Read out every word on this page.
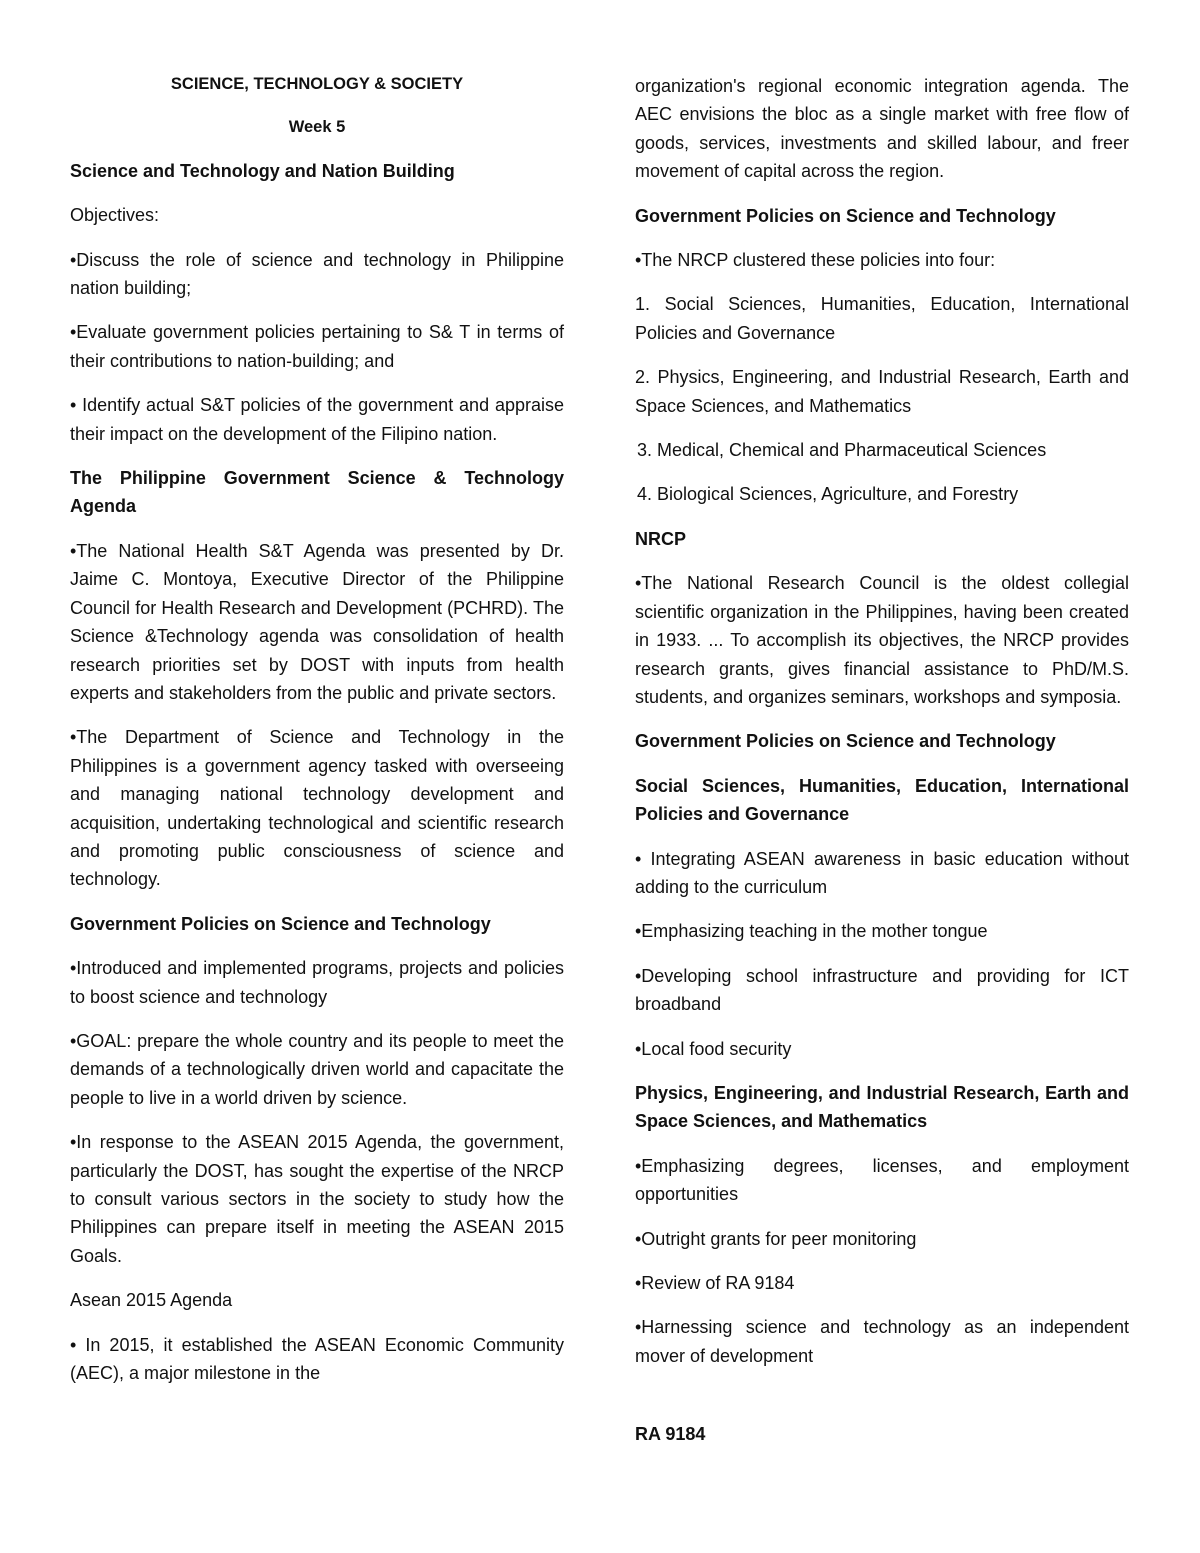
SCIENCE, TECHNOLOGY & SOCIETY

Week 5

Science and Technology and Nation Building

Objectives:

•Discuss the role of science and technology in Philippine nation building;

•Evaluate government policies pertaining to S& T in terms of their contributions to nation-building; and

• Identify actual S&T policies of the government and appraise their impact on the development of the Filipino nation.

The Philippine Government Science & Technology Agenda

•The National Health S&T Agenda was presented by Dr. Jaime C. Montoya, Executive Director of the Philippine Council for Health Research and Development (PCHRD). The Science &Technology agenda was consolidation of health research priorities set by DOST with inputs from health experts and stakeholders from the public and private sectors.

•The Department of Science and Technology in the Philippines is a government agency tasked with overseeing and managing national technology development and acquisition, undertaking technological and scientific research and promoting public consciousness of science and technology.

Government Policies on Science and Technology

•Introduced and implemented programs, projects and policies to boost science and technology

•GOAL: prepare the whole country and its people to meet the demands of a technologically driven world and capacitate the people to live in a world driven by science.

•In response to the ASEAN 2015 Agenda, the government, particularly the DOST, has sought the expertise of the NRCP to consult various sectors in the society to study how the Philippines can prepare itself in meeting the ASEAN 2015 Goals.

Asean 2015 Agenda

• In 2015, it established the ASEAN Economic Community (AEC), a major milestone in the

organization's regional economic integration agenda. The AEC envisions the bloc as a single market with free flow of goods, services, investments and skilled labour, and freer movement of capital across the region.

Government Policies on Science and Technology

•The NRCP clustered these policies into four:

1. Social Sciences, Humanities, Education, International Policies and Governance

2. Physics, Engineering, and Industrial Research, Earth and Space Sciences, and Mathematics

3. Medical, Chemical and Pharmaceutical Sciences

4. Biological Sciences, Agriculture, and Forestry

NRCP

•The National Research Council is the oldest collegial scientific organization in the Philippines, having been created in 1933. ... To accomplish its objectives, the NRCP provides research grants, gives financial assistance to PhD/M.S. students, and organizes seminars, workshops and symposia.

Government Policies on Science and Technology

Social Sciences, Humanities, Education, International Policies and Governance

• Integrating ASEAN awareness in basic education without adding to the curriculum

•Emphasizing teaching in the mother tongue

•Developing school infrastructure and providing for ICT broadband

•Local food security

Physics, Engineering, and Industrial Research, Earth and Space Sciences, and Mathematics

•Emphasizing degrees, licenses, and employment opportunities

•Outright grants for peer monitoring

•Review of RA 9184

•Harnessing science and technology as an independent mover of development

RA 9184
